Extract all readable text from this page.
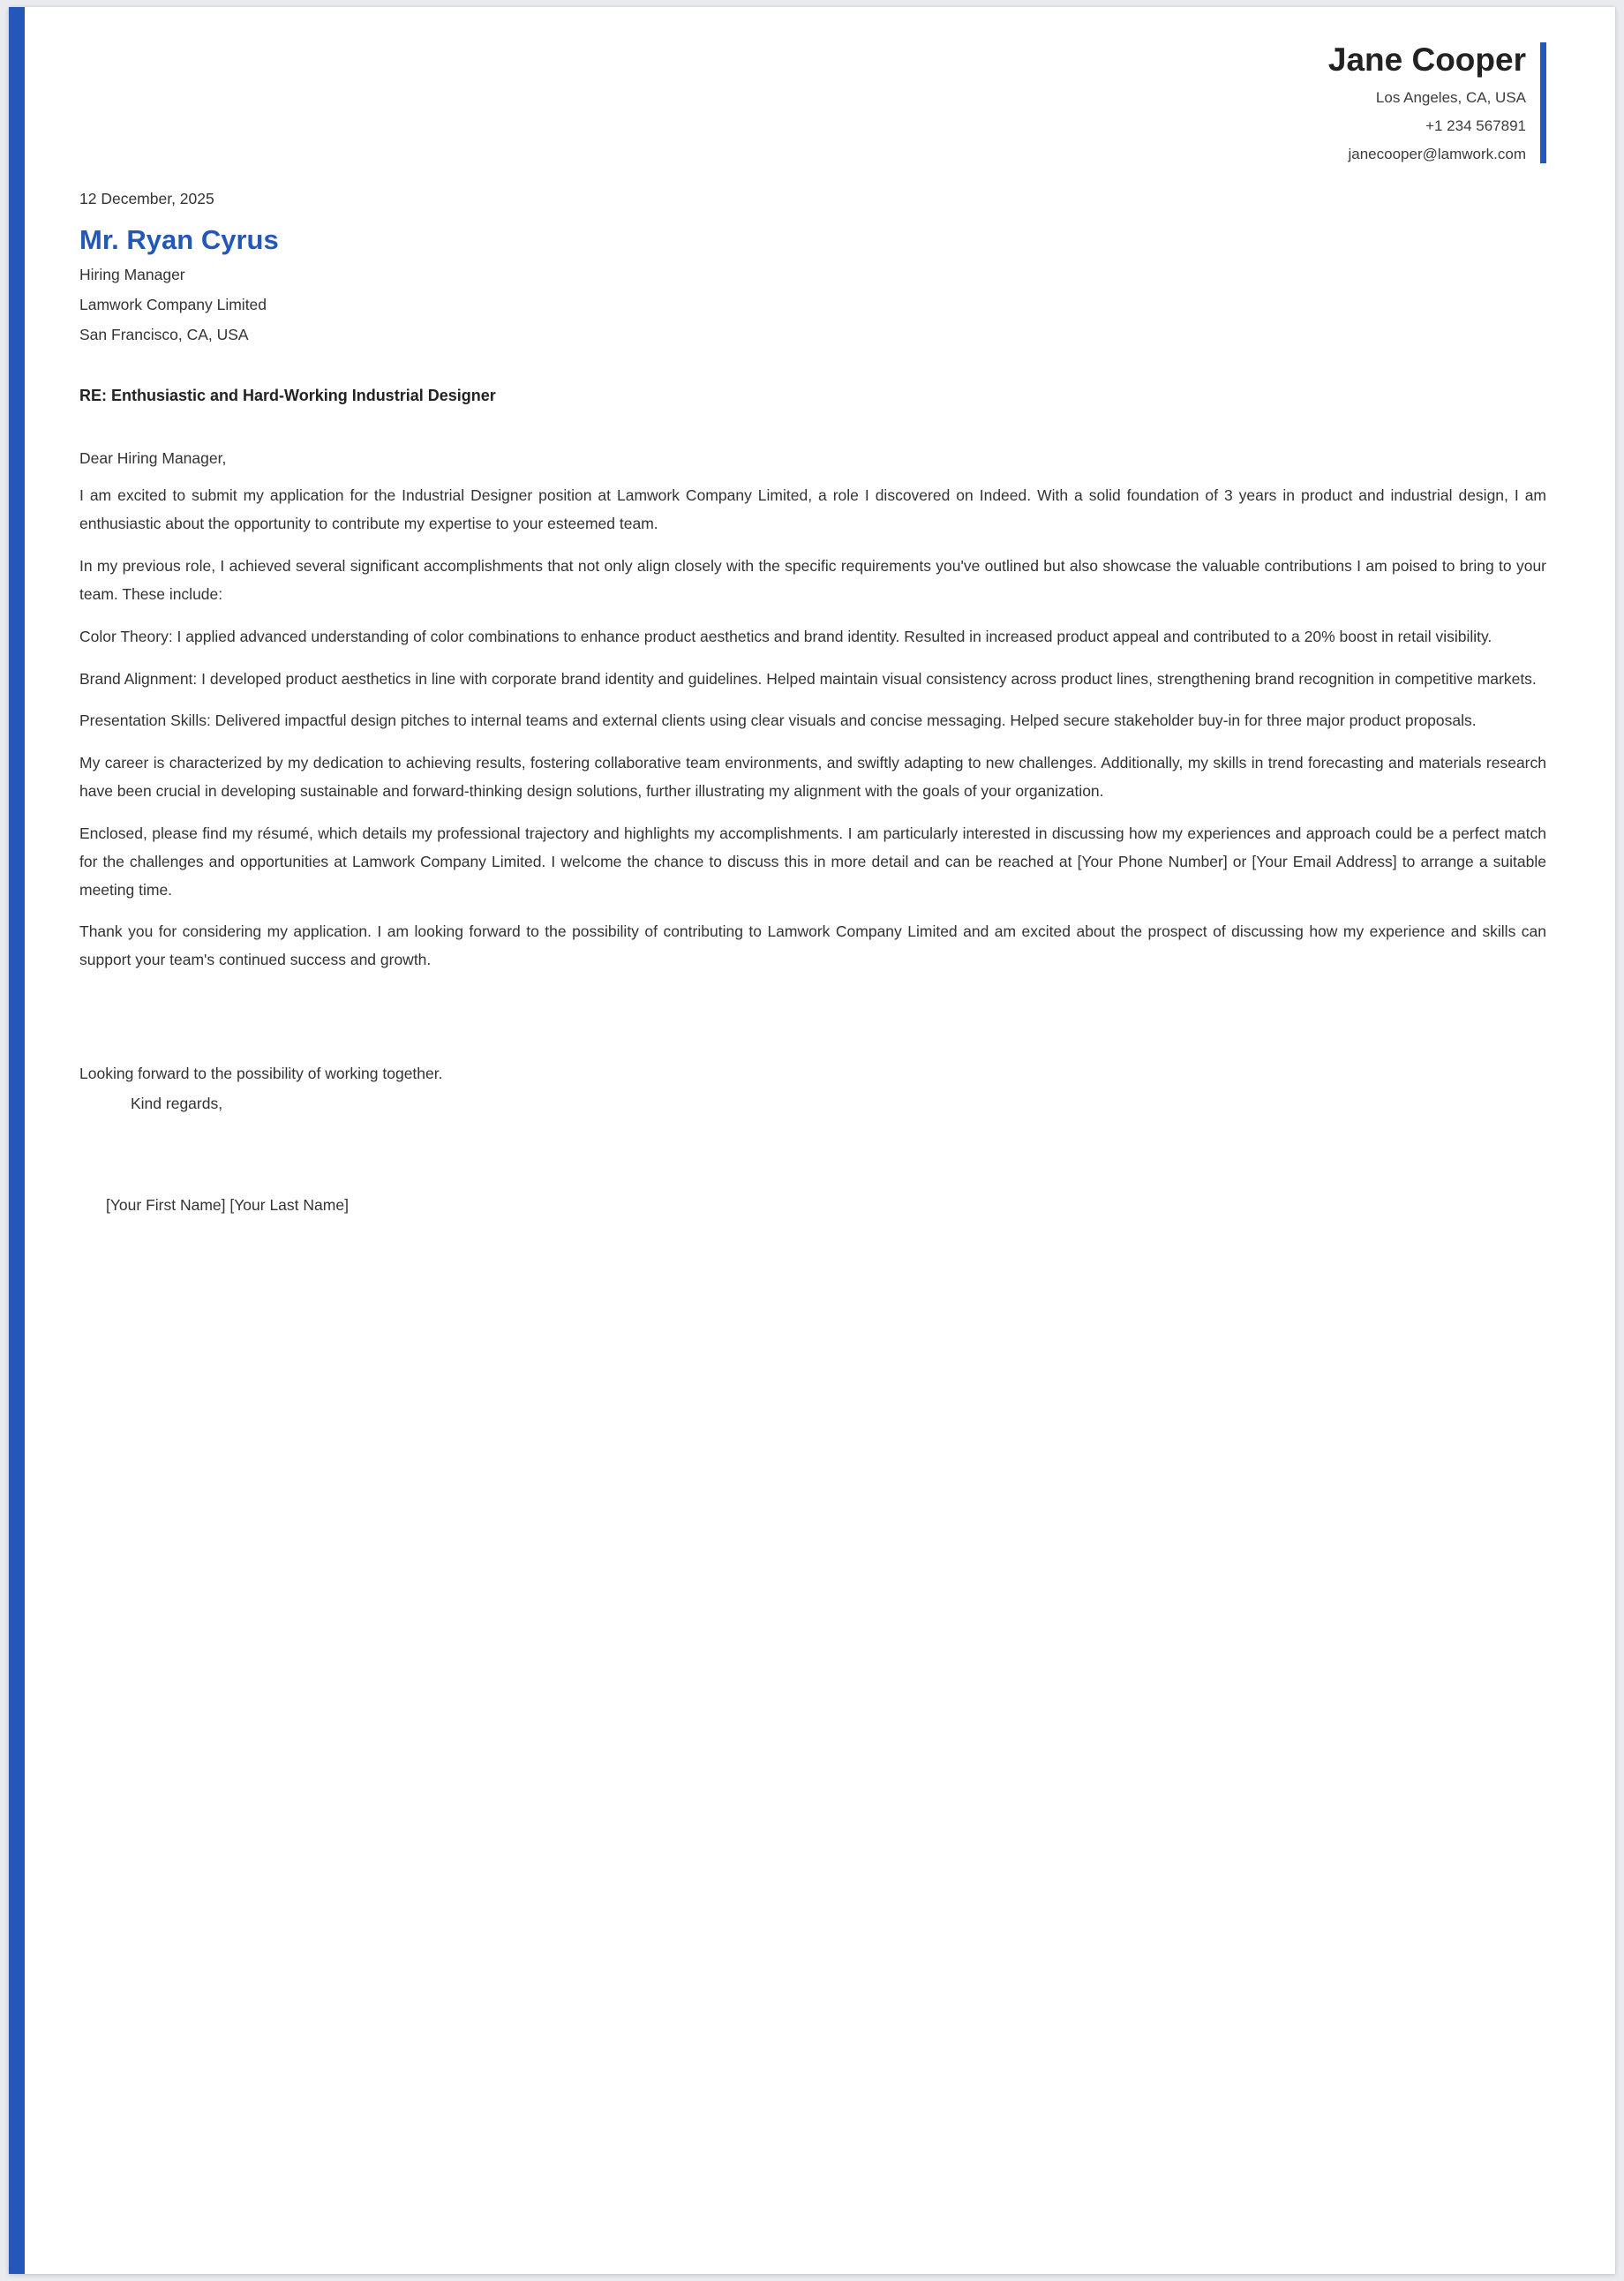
Jane Cooper
Los Angeles, CA, USA
+1 234 567891
janecooper@lamwork.com

12 December, 2025

Mr. Ryan Cyrus

Hiring Manager

Lamwork Company Limited

San Francisco, CA, USA

RE: Enthusiastic and Hard-Working Industrial Designer

Dear Hiring Manager,

I am excited to submit my application for the Industrial Designer position at Lamwork Company Limited, a role I discovered on Indeed. With a solid foundation of 3 years in product and industrial design, I am enthusiastic about the opportunity to contribute my expertise to your esteemed team.

In my previous role, I achieved several significant accomplishments that not only align closely with the specific requirements you've outlined but also showcase the valuable contributions I am poised to bring to your team. These include:

Color Theory: I applied advanced understanding of color combinations to enhance product aesthetics and brand identity. Resulted in increased product appeal and contributed to a 20% boost in retail visibility.

Brand Alignment: I developed product aesthetics in line with corporate brand identity and guidelines. Helped maintain visual consistency across product lines, strengthening brand recognition in competitive markets.

Presentation Skills: Delivered impactful design pitches to internal teams and external clients using clear visuals and concise messaging. Helped secure stakeholder buy-in for three major product proposals.

My career is characterized by my dedication to achieving results, fostering collaborative team environments, and swiftly adapting to new challenges. Additionally, my skills in trend forecasting and materials research have been crucial in developing sustainable and forward-thinking design solutions, further illustrating my alignment with the goals of your organization.

Enclosed, please find my résumé, which details my professional trajectory and highlights my accomplishments. I am particularly interested in discussing how my experiences and approach could be a perfect match for the challenges and opportunities at Lamwork Company Limited. I welcome the chance to discuss this in more detail and can be reached at [Your Phone Number] or [Your Email Address] to arrange a suitable meeting time.

Thank you for considering my application. I am looking forward to the possibility of contributing to Lamwork Company Limited and am excited about the prospect of discussing how my experience and skills can support your team's continued success and growth.

Looking forward to the possibility of working together.

Kind regards,

[Your First Name] [Your Last Name]
